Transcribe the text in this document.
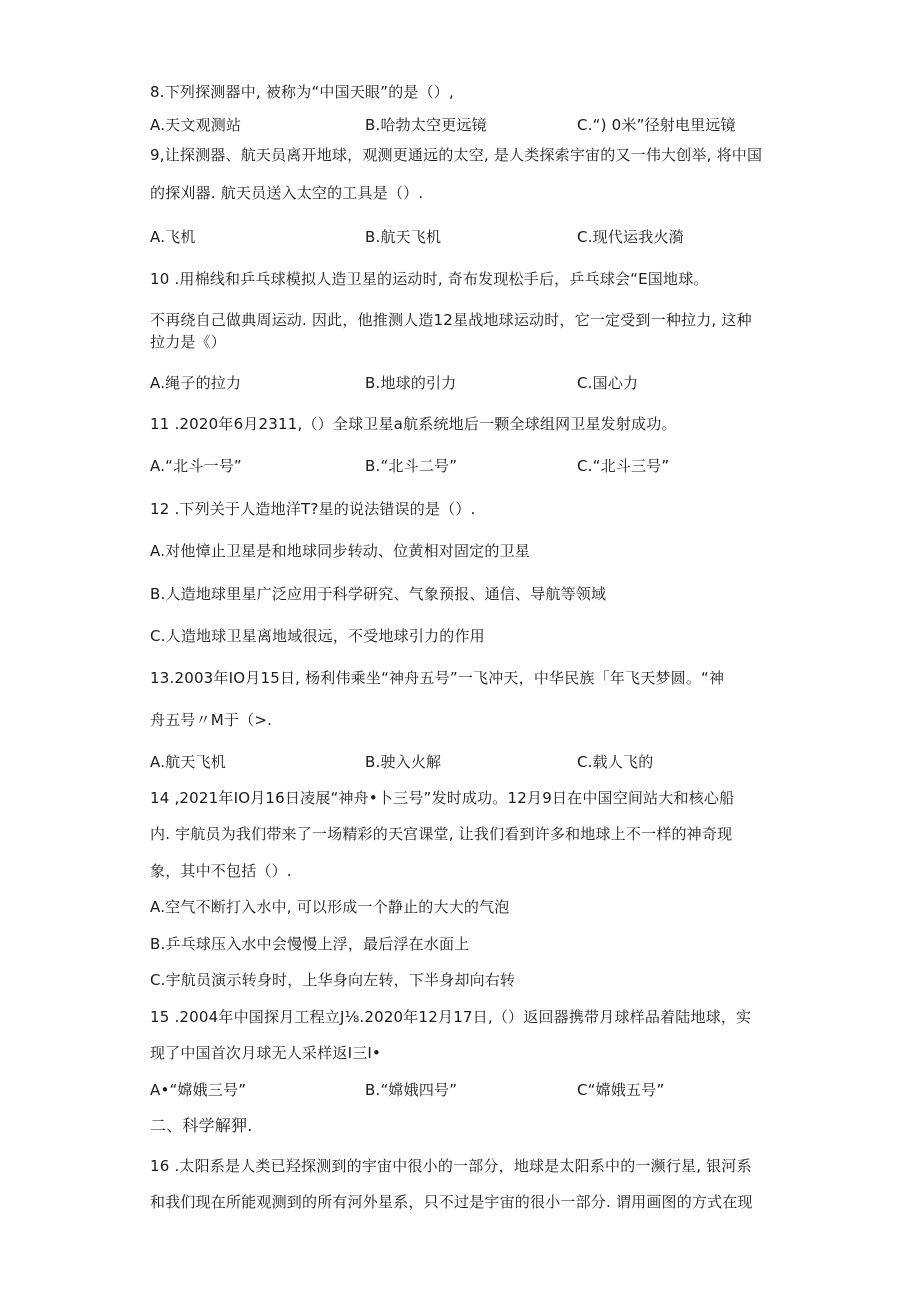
8.下列探测器中, 被称为“中国天眼”的是（）,

A.天文观测站	B.哈勃太空更远镜	C.“) 0米”径射电里远镜

9,让探测器、航天员离开地球，观测更通远的太空, 是人类探索宇宙的又一伟大创举, 将中国

的探刈器. 航天员送入太空的工具是（）.

A.飞机	B.航天飞机	C.现代运我火漪

10 .用棉线和乒乓球模拟人造卫星的运动时, 奇布发现松手后，乒乓球会“E国地球。

不再绕自己做典周运动. 因此，他推测人造12星战地球运动时，它一定受到一种拉力, 这种

拉力是《）

A.绳子的拉力	B.地球的引力	C.国心力

11 .2020年6月2311,（）全球卫星a航系统地后一颗全球组网卫星发射成功。

A.“北斗一号”	B.“北斗二号”	C.“北斗三号”

12 .下列关于人造地洋T?星的说法错误的是（）.

A.对他慞止卫星是和地球同步转动、位黄相对固定的卫星

B.人造地球里星广泛应用于科学研究、气象预报、通信、导航等领域

C.人造地球卫星离地域很远，不受地球引力的作用

13.2003年IO月15日, 杨利伟乘坐“神舟五号”一飞冲天，中华民族「年飞天梦圆。“神

舟五号〃M于（>.

A.航天飞机	B.驶入火解	C.载人飞的

14 ,2021年IO月16日凌展“神舟•卜三号”发时成功。12月9日在中国空间站大和核心船

内. 宇航员为我们带来了一场精彩的天宫课堂, 让我们看到许多和地球上不一样的神奇现

象，其中不包括（）.

A.空气不断打入水中, 可以形成一个静止的大大的气泡

B.乒乓球压入水中会慢慢上浮，最后浮在水面上

C.宇航员演示转身时，上华身向左转，下半身却向右转

15 .2004年中国探月工程立J⅛.2020年12月17日,（）返回器携带月球样品着陆地球，实

现了中国首次月球无人采样返I三I•

A•“嫦娥三号”	B.“嫦娥四号”	C“嫦娥五号”

二、科学解狎.

16 .太阳系是人类已羟探测到的宇宙中很小的一部分，地球是太阳系中的一濒行星, 银河系

和我们现在所能观测到的所有河外星系，只不过是宇宙的很小一部分. 谓用画图的方式在现
